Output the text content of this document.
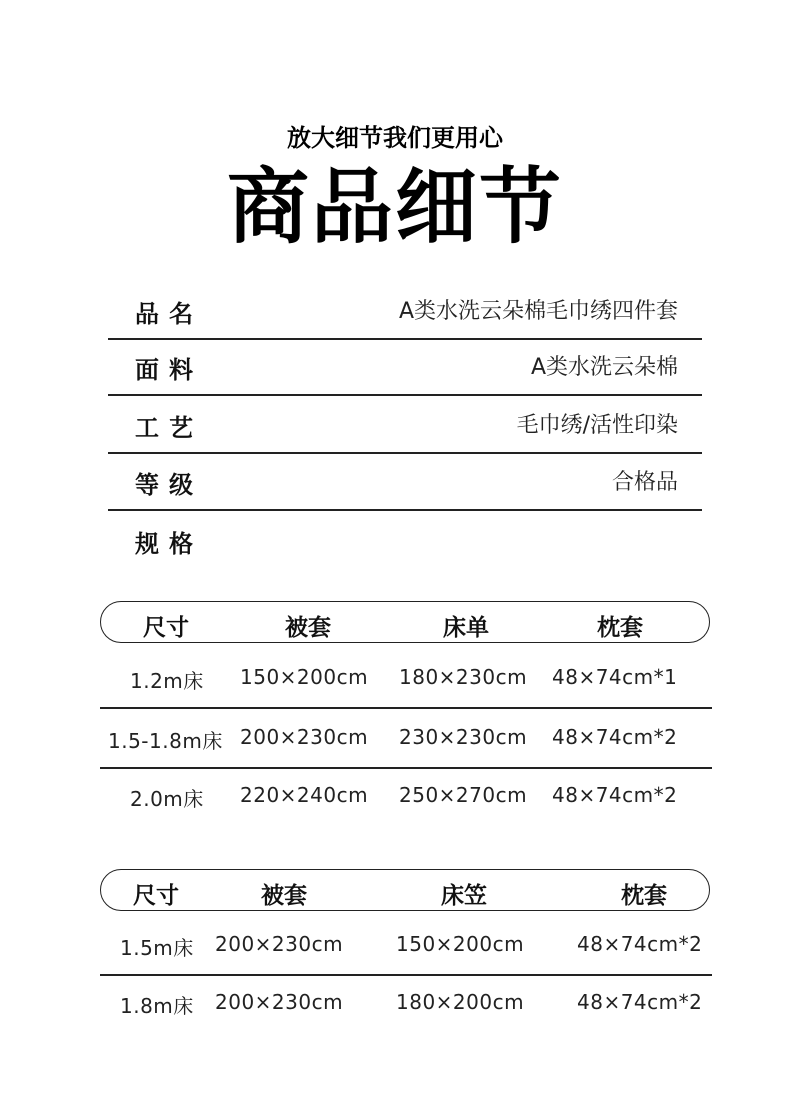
放大细节我们更用心
商品细节
品名	A类水洗云朵棉毛巾绣四件套
面料	A类水洗云朵棉
工艺	毛巾绣/活性印染
等级	合格品
规格
尺寸	被套	床单	枕套
1.2m床 150×200cm 180×230cm 48×74cm*1
1.5-1.8m床 200×230cm 230×230cm 48×74cm*2
2.0m床 220×240cm 250×270cm 48×74cm*2
尺寸	被套	床笠	枕套
1.5m床 200×230cm	150×200cm	48×74cm*2
1.8m床 200×230cm	180×200cm	48×74cm*2
